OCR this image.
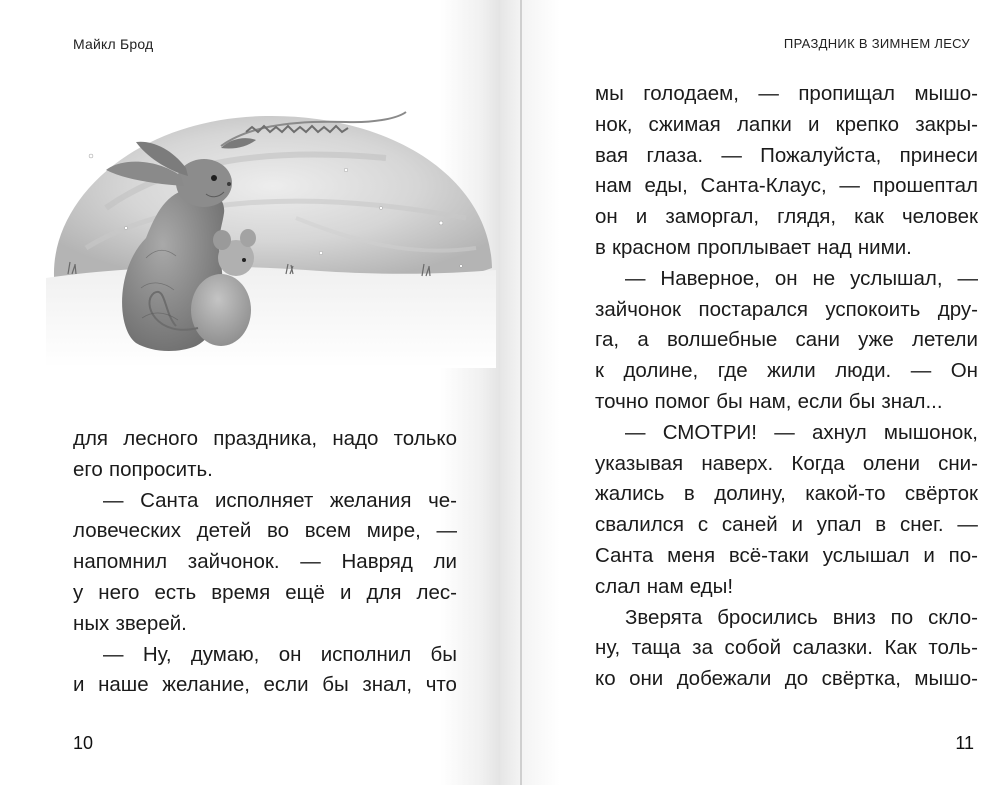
Майкл Брод
для лесного праздника, надо только
его попросить.
— Санта исполняет желания че-
ловеческих детей во всем мире, —
напомнил зайчонок. — Навряд ли
у него есть время ещё и для лес-
ных зверей.
— Ну, думаю, он исполнил бы
и наше желание, если бы знал, что
10
ПРАЗДНИК В ЗИМНЕМ ЛЕСУ
11
мы голодаем, — пропищал мышо-
нок, сжимая лапки и крепко закры-
вая глаза. — Пожалуйста, принеси
нам еды, Санта-Клаус, — прошептал
он и заморгал, глядя, как человек
в красном проплывает над ними.
— Наверное, он не услышал, —
зайчонок постарался успокоить дру-
га, а волшебные сани уже летели
к долине, где жили люди. — Он
точно помог бы нам, если бы знал...
— СМОТРИ! — ахнул мышонок,
указывая наверх. Когда олени сни-
жались в долину, какой-то свёрток
свалился с саней и упал в снег. —
Санта меня всё-таки услышал и по-
слал нам еды!
Зверята бросились вниз по скло-
ну, таща за собой салазки. Как толь-
ко они добежали до свёртка, мышо-
